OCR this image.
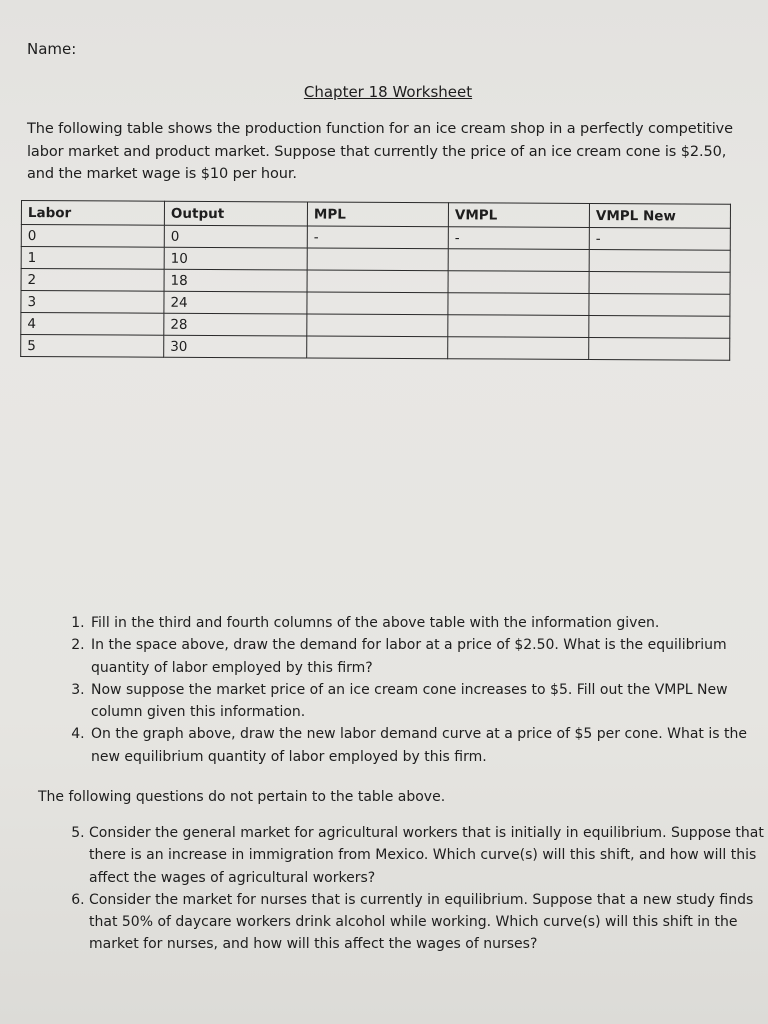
Name:
Chapter 18 Worksheet
The following table shows the production function for an ice cream shop in a perfectly competitive labor market and product market. Suppose that currently the price of an ice cream cone is $2.50, and the market wage is $10 per hour.
Labor	Output	MPL	VMPL	VMPL New
0	0	-	-	-
1	10			
2	18			
3	24			
4	28			
5	30			
1. Fill in the third and fourth columns of the above table with the information given.
2. In the space above, draw the demand for labor at a price of $2.50. What is the equilibrium quantity of labor employed by this firm?
3. Now suppose the market price of an ice cream cone increases to $5. Fill out the VMPL New column given this information.
4. On the graph above, draw the new labor demand curve at a price of $5 per cone. What is the new equilibrium quantity of labor employed by this firm.
The following questions do not pertain to the table above.
5. Consider the general market for agricultural workers that is initially in equilibrium. Suppose that there is an increase in immigration from Mexico. Which curve(s) will this shift, and how will this affect the wages of agricultural workers?
6. Consider the market for nurses that is currently in equilibrium. Suppose that a new study finds that 50% of daycare workers drink alcohol while working. Which curve(s) will this shift in the market for nurses, and how will this affect the wages of nurses?
